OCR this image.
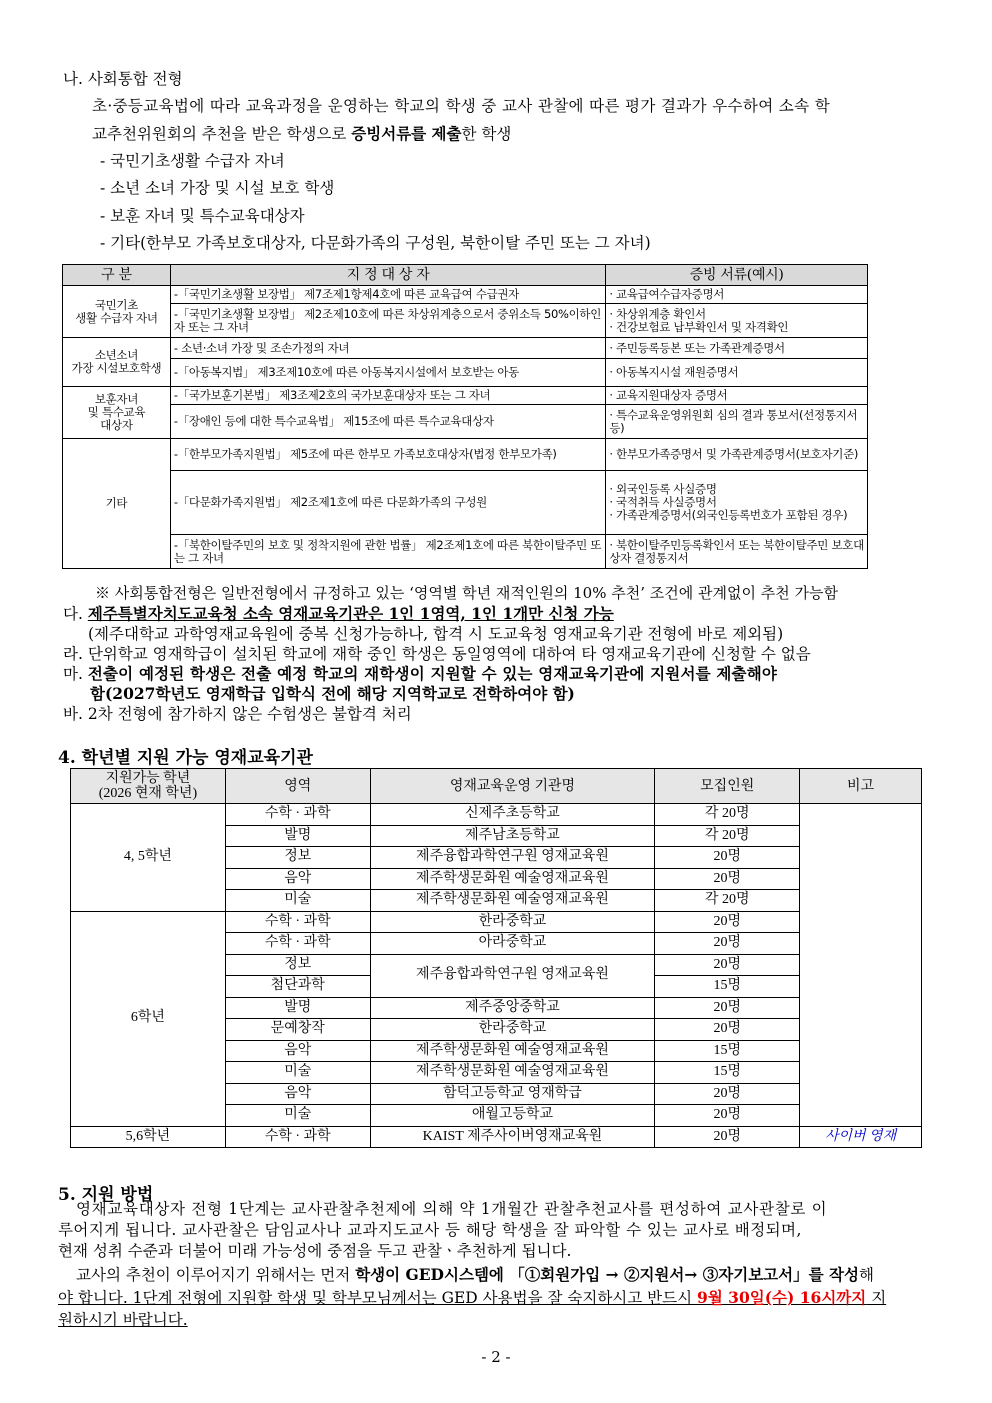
나. 사회통합 전형
초·중등교육법에 따라 교육과정을 운영하는 학교의 학생 중 교사 관찰에 따른 평가 결과가 우수하여 소속 학
교추천위원회의 추천을 받은 학생으로 증빙서류를 제출한 학생
- 국민기초생활 수급자 자녀
- 소년 소녀 가장 및 시설 보호 학생
- 보훈 자녀 및 특수교육대상자
- 기타(한부모 가족보호대상자, 다문화가족의 구성원, 북한이탈 주민 또는 그 자녀)
구 분	지 정 대 상 자	증빙 서류(예시)
국민기초
생활 수급자 자녀	-「국민기초생활 보장법」 제7조제1항제4호에 따른 교육급여 수급권자	· 교육급여수급자증명서
	-「국민기초생활 보장법」 제2조제10호에 따른 차상위계층으로서 중위소득 50%이하인 자 또는 그 자녀	· 차상위계층 확인서
· 건강보험료 납부확인서 및 자격확인
소년소녀
가장 시설보호학생	- 소년·소녀 가장 및 조손가정의 자녀	· 주민등록등본 또는 가족관계증명서
	-「아동복지법」 제3조제10호에 따른 아동복지시설에서 보호받는 아동	· 아동복지시설 재원증명서
보훈자녀
및 특수교육
대상자	-「국가보훈기본법」 제3조제2호의 국가보훈대상자 또는 그 자녀	· 교육지원대상자 증명서
	-「장애인 등에 대한 특수교육법」 제15조에 따른 특수교육대상자	· 특수교육운영위원회 심의 결과 통보서(선정통지서 등)
기타	-「한부모가족지원법」 제5조에 따른 한부모 가족보호대상자(법정 한부모가족)	· 한부모가족증명서 및 가족관계증명서(보호자기준)
	-「다문화가족지원법」 제2조제1호에 따른 다문화가족의 구성원	· 외국인등록 사실증명
· 국적취득 사실증명서
· 가족관계증명서(외국인등록번호가 포함된 경우)
	-「북한이탈주민의 보호 및 정착지원에 관한 법률」 제2조제1호에 따른 북한이탈주민 또는 그 자녀	· 북한이탈주민등록확인서 또는 북한이탈주민 보호대상자 결정통지서
※ 사회통합전형은 일반전형에서 규정하고 있는 ‘영역별 학년 재적인원의 10% 추천’ 조건에 관계없이 추천 가능함
다. 제주특별자치도교육청 소속 영재교육기관은 1인 1영역, 1인 1개만 신청 가능
(제주대학교 과학영재교육원에 중복 신청가능하나, 합격 시 도교육청 영재교육기관 전형에 바로 제외됨)
라. 단위학교 영재학급이 설치된 학교에 재학 중인 학생은 동일영역에 대하여 타 영재교육기관에 신청할 수 없음
마. 전출이 예정된 학생은 전출 예정 학교의 재학생이 지원할 수 있는 영재교육기관에 지원서를 제출해야
함(2027학년도 영재학급 입학식 전에 해당 지역학교로 전학하여야 함)
바. 2차 전형에 참가하지 않은 수험생은 불합격 처리
4. 학년별 지원 가능 영재교육기관
지원가능 학년
(2026 현재 학년)	영역	영재교육운영 기관명	모집인원	비고
4, 5학년	수학 · 과학	신제주초등학교	각 20명	
	발명	제주남초등학교	각 20명	
	정보	제주융합과학연구원 영재교육원	20명	
	음악	제주학생문화원 예술영재교육원	20명	
	미술	제주학생문화원 예술영재교육원	각 20명	
6학년	수학 · 과학	한라중학교	20명	
	수학 · 과학	아라중학교	20명	
	정보	제주융합과학연구원 영재교육원	20명	
	첨단과학		15명	
	발명	제주중앙중학교	20명	
	문예창작	한라중학교	20명	
	음악	제주학생문화원 예술영재교육원	15명	
	미술	제주학생문화원 예술영재교육원	15명	
	음악	함덕고등학교 영재학급	20명	
	미술	애월고등학교	20명	
5,6학년	수학 · 과학	KAIST 제주사이버영재교육원	20명	사이버 영재
5. 지원 방법
영재교육대상자 전형 1단계는 교사관찰추천제에 의해 약 1개월간 관찰추천교사를 편성하여 교사관찰로 이
루어지게 됩니다. 교사관찰은 담임교사나 교과지도교사 등 해당 학생을 잘 파악할 수 있는 교사로 배정되며,
현재 성취 수준과 더불어 미래 가능성에 중점을 두고 관찰ㆍ추천하게 됩니다.
교사의 추천이 이루어지기 위해서는 먼저 학생이 GED시스템에 「①회원가입 → ②지원서→ ③자기보고서」를 작성해
야 합니다. 1단계 전형에 지원할 학생 및 학부모님께서는 GED 사용법을 잘 숙지하시고 반드시 9월 30일(수) 16시까지 지
원하시기 바랍니다.
- 2 -
